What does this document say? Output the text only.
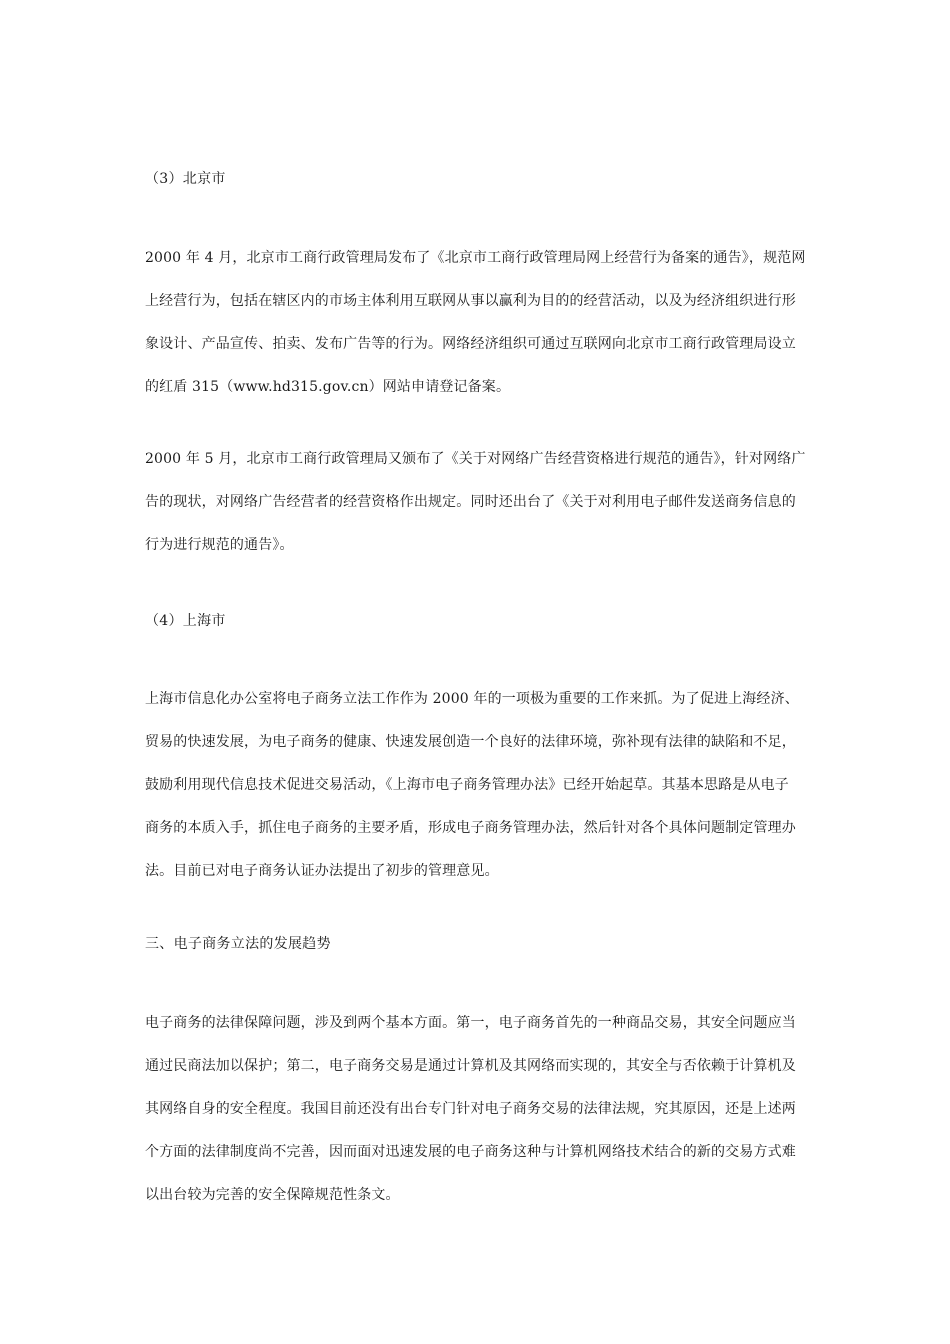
（3）北京市
2000 年 4 月，北京市工商行政管理局发布了《北京市工商行政管理局网上经营行为备案的通告》，规范网
上经营行为，包括在辖区内的市场主体利用互联网从事以赢利为目的的经营活动，以及为经济组织进行形
象设计、产品宣传、拍卖、发布广告等的行为。网络经济组织可通过互联网向北京市工商行政管理局设立
的红盾 315（www.hd315.gov.cn）网站申请登记备案。
2000 年 5 月，北京市工商行政管理局又颁布了《关于对网络广告经营资格进行规范的通告》，针对网络广
告的现状，对网络广告经营者的经营资格作出规定。同时还出台了《关于对利用电子邮件发送商务信息的
行为进行规范的通告》。
（4）上海市
上海市信息化办公室将电子商务立法工作作为 2000 年的一项极为重要的工作来抓。为了促进上海经济、
贸易的快速发展，为电子商务的健康、快速发展创造一个良好的法律环境，弥补现有法律的缺陷和不足，
鼓励利用现代信息技术促进交易活动，《上海市电子商务管理办法》已经开始起草。其基本思路是从电子
商务的本质入手，抓住电子商务的主要矛盾，形成电子商务管理办法，然后针对各个具体问题制定管理办
法。目前已对电子商务认证办法提出了初步的管理意见。
三、电子商务立法的发展趋势
电子商务的法律保障问题，涉及到两个基本方面。第一，电子商务首先的一种商品交易，其安全问题应当
通过民商法加以保护；第二，电子商务交易是通过计算机及其网络而实现的，其安全与否依赖于计算机及
其网络自身的安全程度。我国目前还没有出台专门针对电子商务交易的法律法规，究其原因，还是上述两
个方面的法律制度尚不完善，因而面对迅速发展的电子商务这种与计算机网络技术结合的新的交易方式难
以出台较为完善的安全保障规范性条文。
